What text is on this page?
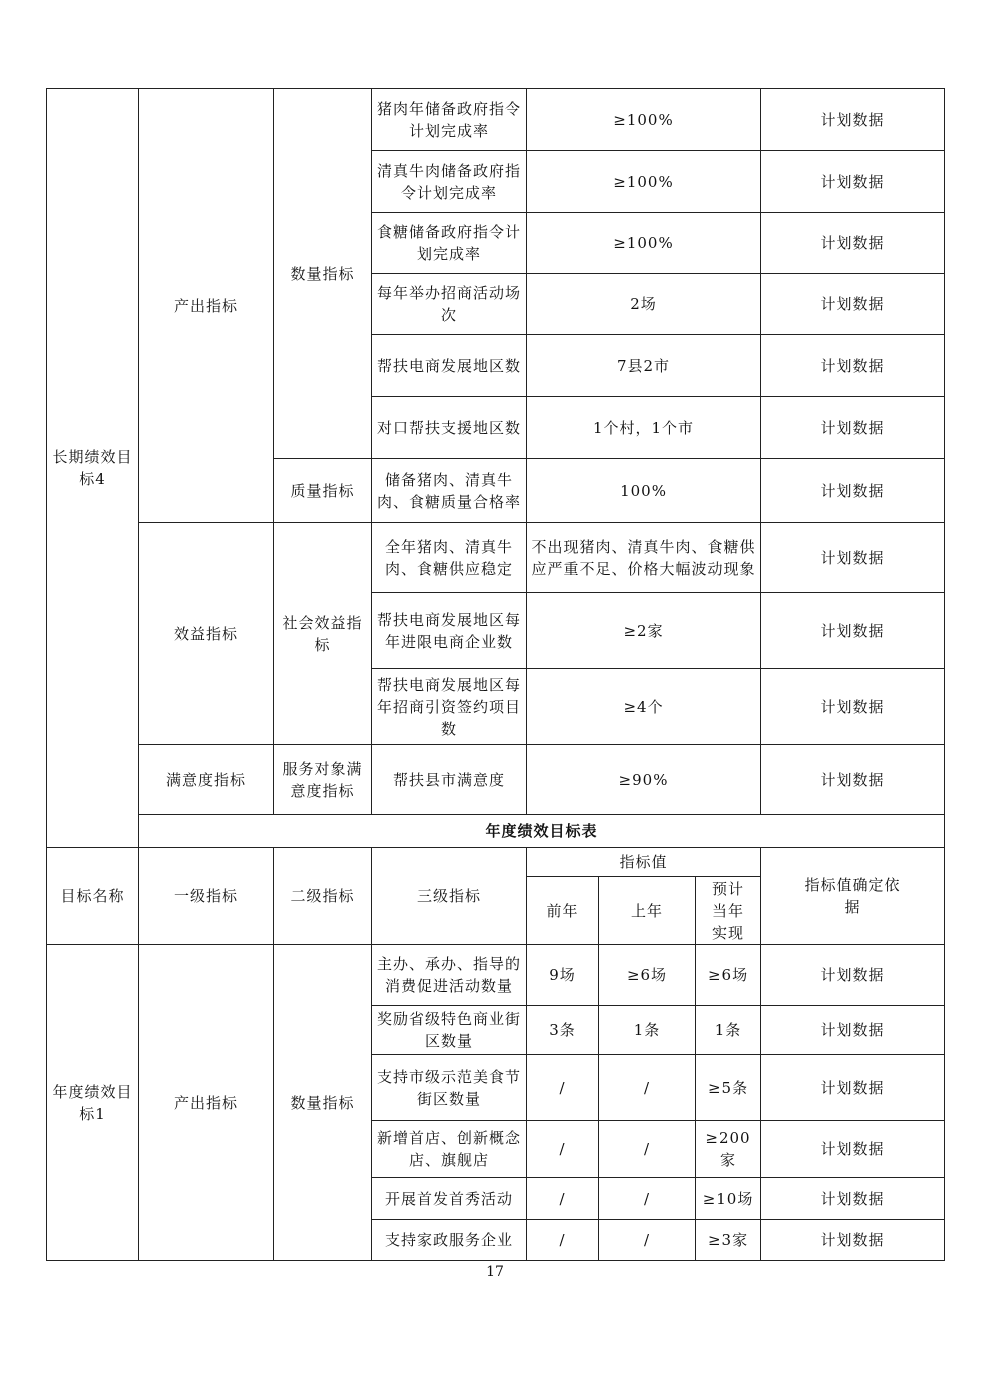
长期绩效目标4	产出指标	数量指标	猪肉年储备政府指令计划完成率	≥100%			计划数据
			清真牛肉储备政府指令计划完成率	≥100%			计划数据
			食糖储备政府指令计划完成率	≥100%			计划数据
			每年举办招商活动场次	2场			计划数据
			帮扶电商发展地区数	7县2市			计划数据
			对口帮扶支援地区数	1个村，1个市			计划数据
		质量指标	储备猪肉、清真牛肉、食糖质量合格率	100%			计划数据
	效益指标	社会效益指标	全年猪肉、清真牛肉、食糖供应稳定	不出现猪肉、清真牛肉、食糖供应严重不足、价格大幅波动现象			计划数据
			帮扶电商发展地区每年进限电商企业数	≥2家			计划数据
			帮扶电商发展地区每年招商引资签约项目数	≥4个			计划数据
	满意度指标	服务对象满意度指标	帮扶县市满意度	≥90%			计划数据
	年度绩效目标表						
目标名称	一级指标	二级指标	三级指标	指标值			指标值确定依据
				前年	上年	预计当年实现	
年度绩效目标1	产出指标	数量指标	主办、承办、指导的消费促进活动数量	9场	≥6场	≥6场	计划数据
			奖励省级特色商业街区数量	3条	1条	1条	计划数据
			支持市级示范美食节街区数量	/	/	≥5条	计划数据
			新增首店、创新概念店、旗舰店	/	/	≥200家	计划数据
			开展首发首秀活动	/	/	≥10场	计划数据
			支持家政服务企业	/	/	≥3家	计划数据
17
